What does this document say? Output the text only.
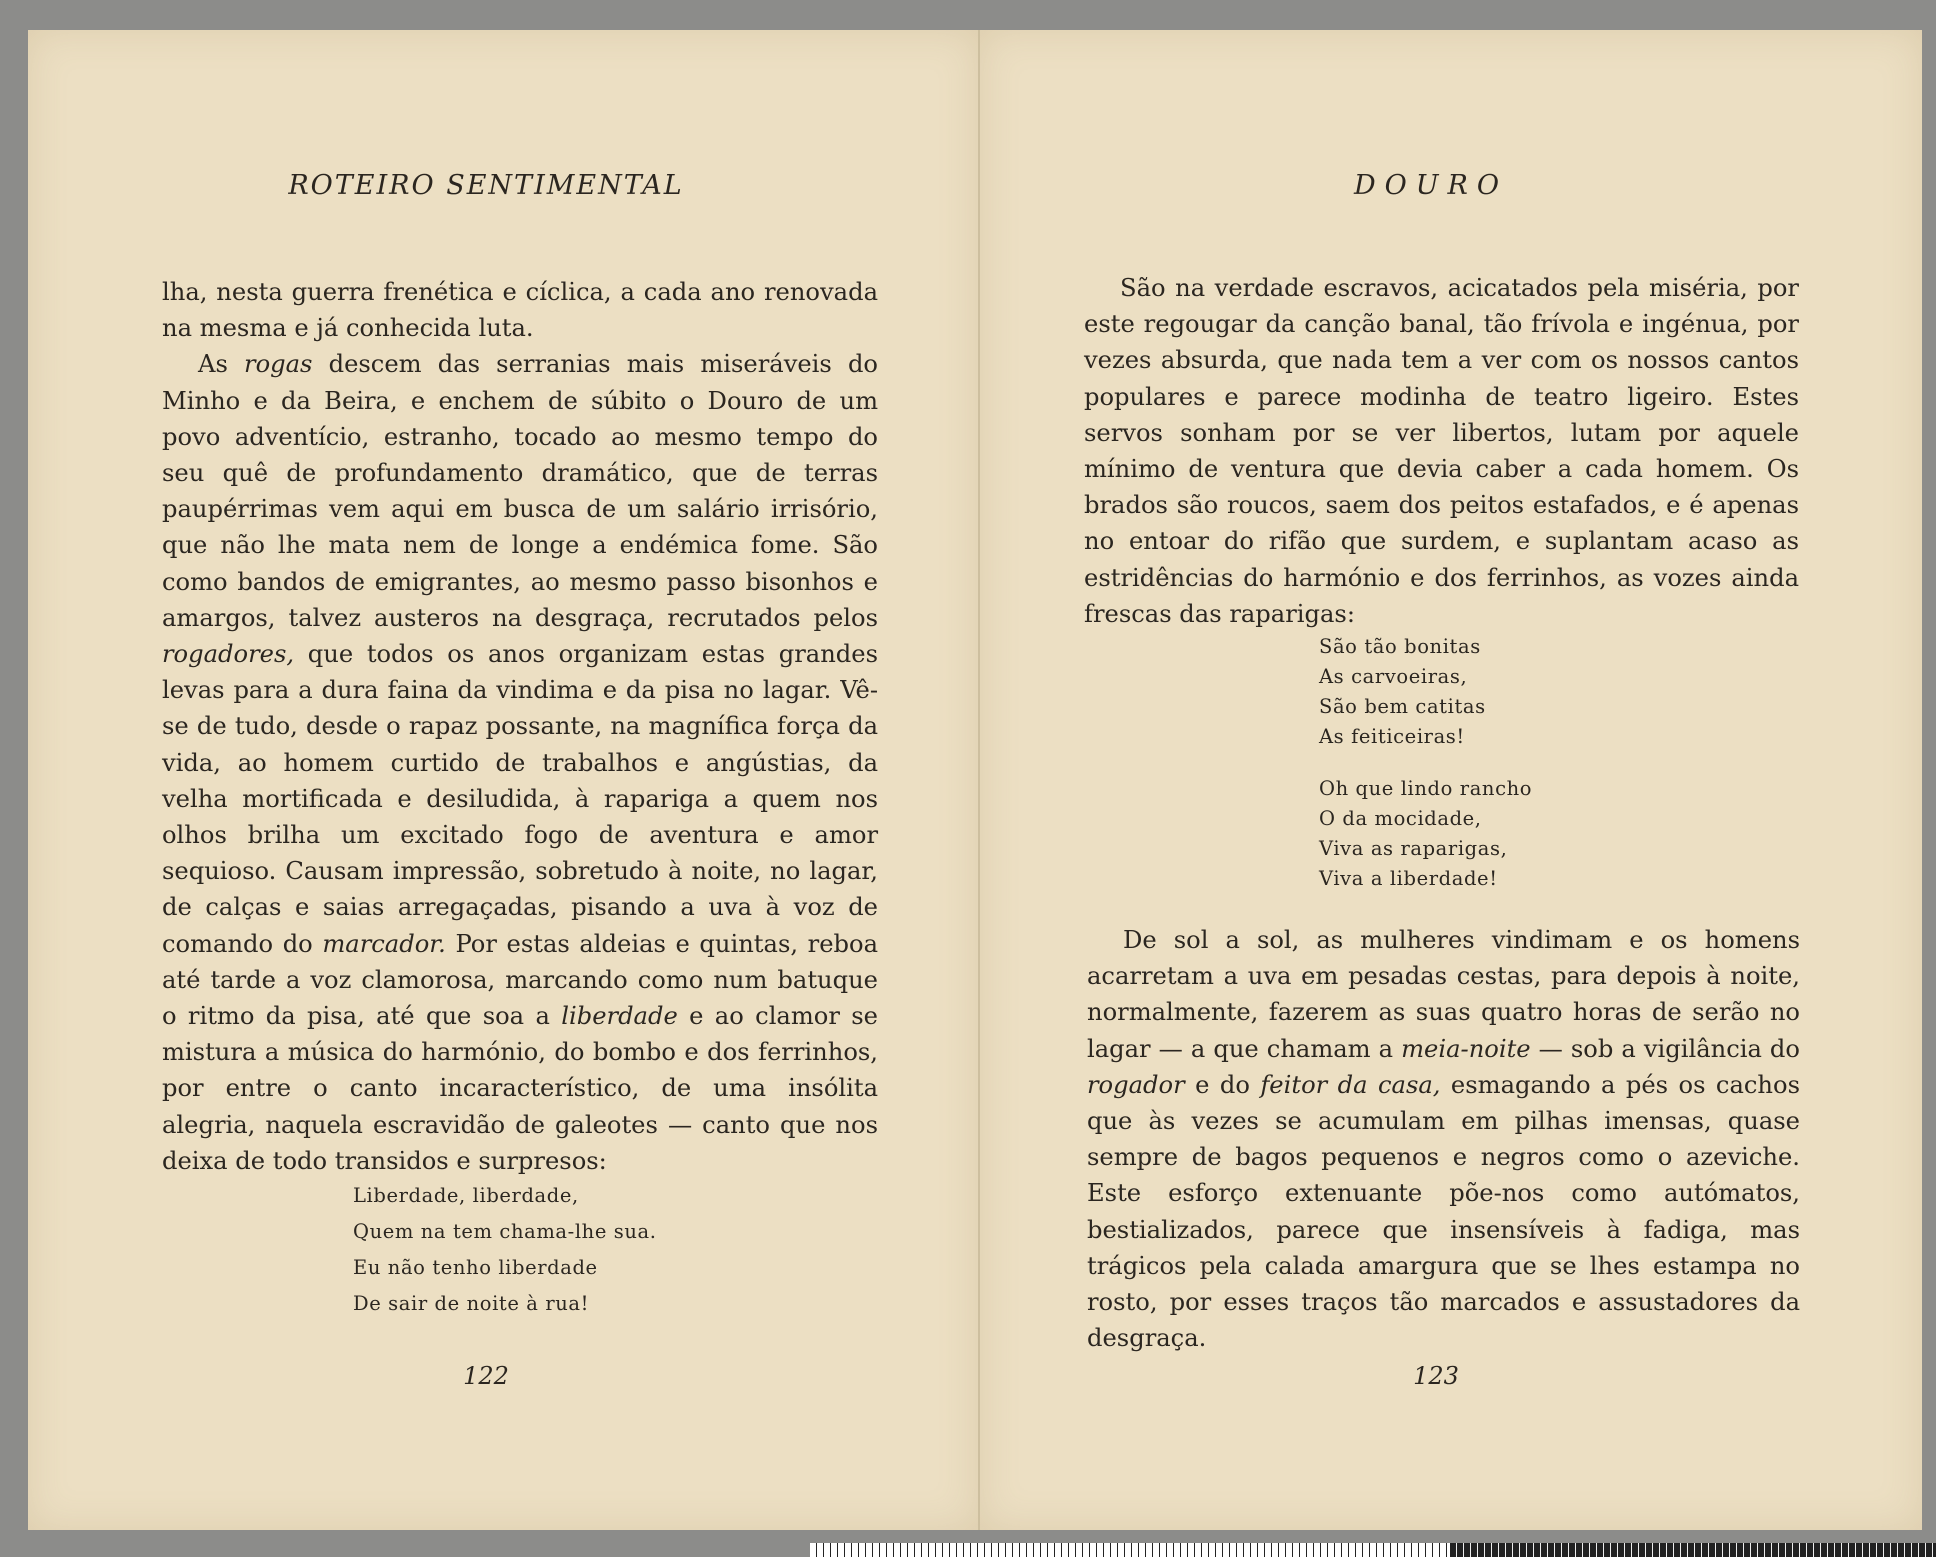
ROTEIRO SENTIMENTAL

lha, nesta guerra frenética e cíclica, a cada ano renovada na mesma e já conhecida luta.

As rogas descem das serranias mais miseráveis do Minho e da Beira, e enchem de súbito o Douro de um povo adventício, estranho, tocado ao mesmo tempo do seu quê de profundamento dramático, que de terras paupérrimas vem aqui em busca de um salário irrisório, que não lhe mata nem de longe a endémica fome. São como bandos de emigrantes, ao mesmo passo bisonhos e amargos, talvez austeros na desgraça, recrutados pelos rogadores, que todos os anos organizam estas grandes levas para a dura faina da vindima e da pisa no lagar. Vê-se de tudo, desde o rapaz possante, na magnífica força da vida, ao homem curtido de trabalhos e angústias, da velha mortificada e desiludida, à rapariga a quem nos olhos brilha um excitado fogo de aventura e amor sequioso. Causam impressão, sobretudo à noite, no lagar, de calças e saias arregaçadas, pisando a uva à voz de comando do marcador. Por estas aldeias e quintas, reboa até tarde a voz clamorosa, marcando como num batuque o ritmo da pisa, até que soa a liberdade e ao clamor se mistura a música do harmónio, do bombo e dos ferrinhos, por entre o canto incaracterístico, de uma insólita alegria, naquela escravidão de galeotes — canto que nos deixa de todo transidos e surpresos:

Liberdade, liberdade,
Quem na tem chama-lhe sua.
Eu não tenho liberdade
De sair de noite à rua!
122
DOURO

São na verdade escravos, acicatados pela miséria, por este regougar da canção banal, tão frívola e ingénua, por vezes absurda, que nada tem a ver com os nossos cantos populares e parece modinha de teatro ligeiro. Estes servos sonham por se ver libertos, lutam por aquele mínimo de ventura que devia caber a cada homem. Os brados são roucos, saem dos peitos estafados, e é apenas no entoar do rifão que surdem, e suplantam acaso as estridências do harmónio e dos ferrinhos, as vozes ainda frescas das raparigas:

São tão bonitas
As carvoeiras,
São bem catitas
As feiticeiras!
Oh que lindo rancho
O da mocidade,
Viva as raparigas,
Viva a liberdade!

De sol a sol, as mulheres vindimam e os homens acarretam a uva em pesadas cestas, para depois à noite, normalmente, fazerem as suas quatro horas de serão no lagar — a que chamam a meia-noite — sob a vigilância do rogador e do feitor da casa, esmagando a pés os cachos que às vezes se acumulam em pilhas imensas, quase sempre de bagos pequenos e negros como o azeviche. Este esforço extenuante põe-nos como autómatos, bestializados, parece que insensíveis à fadiga, mas trágicos pela calada amargura que se lhes estampa no rosto, por esses traços tão marcados e assustadores da desgraça.

123
